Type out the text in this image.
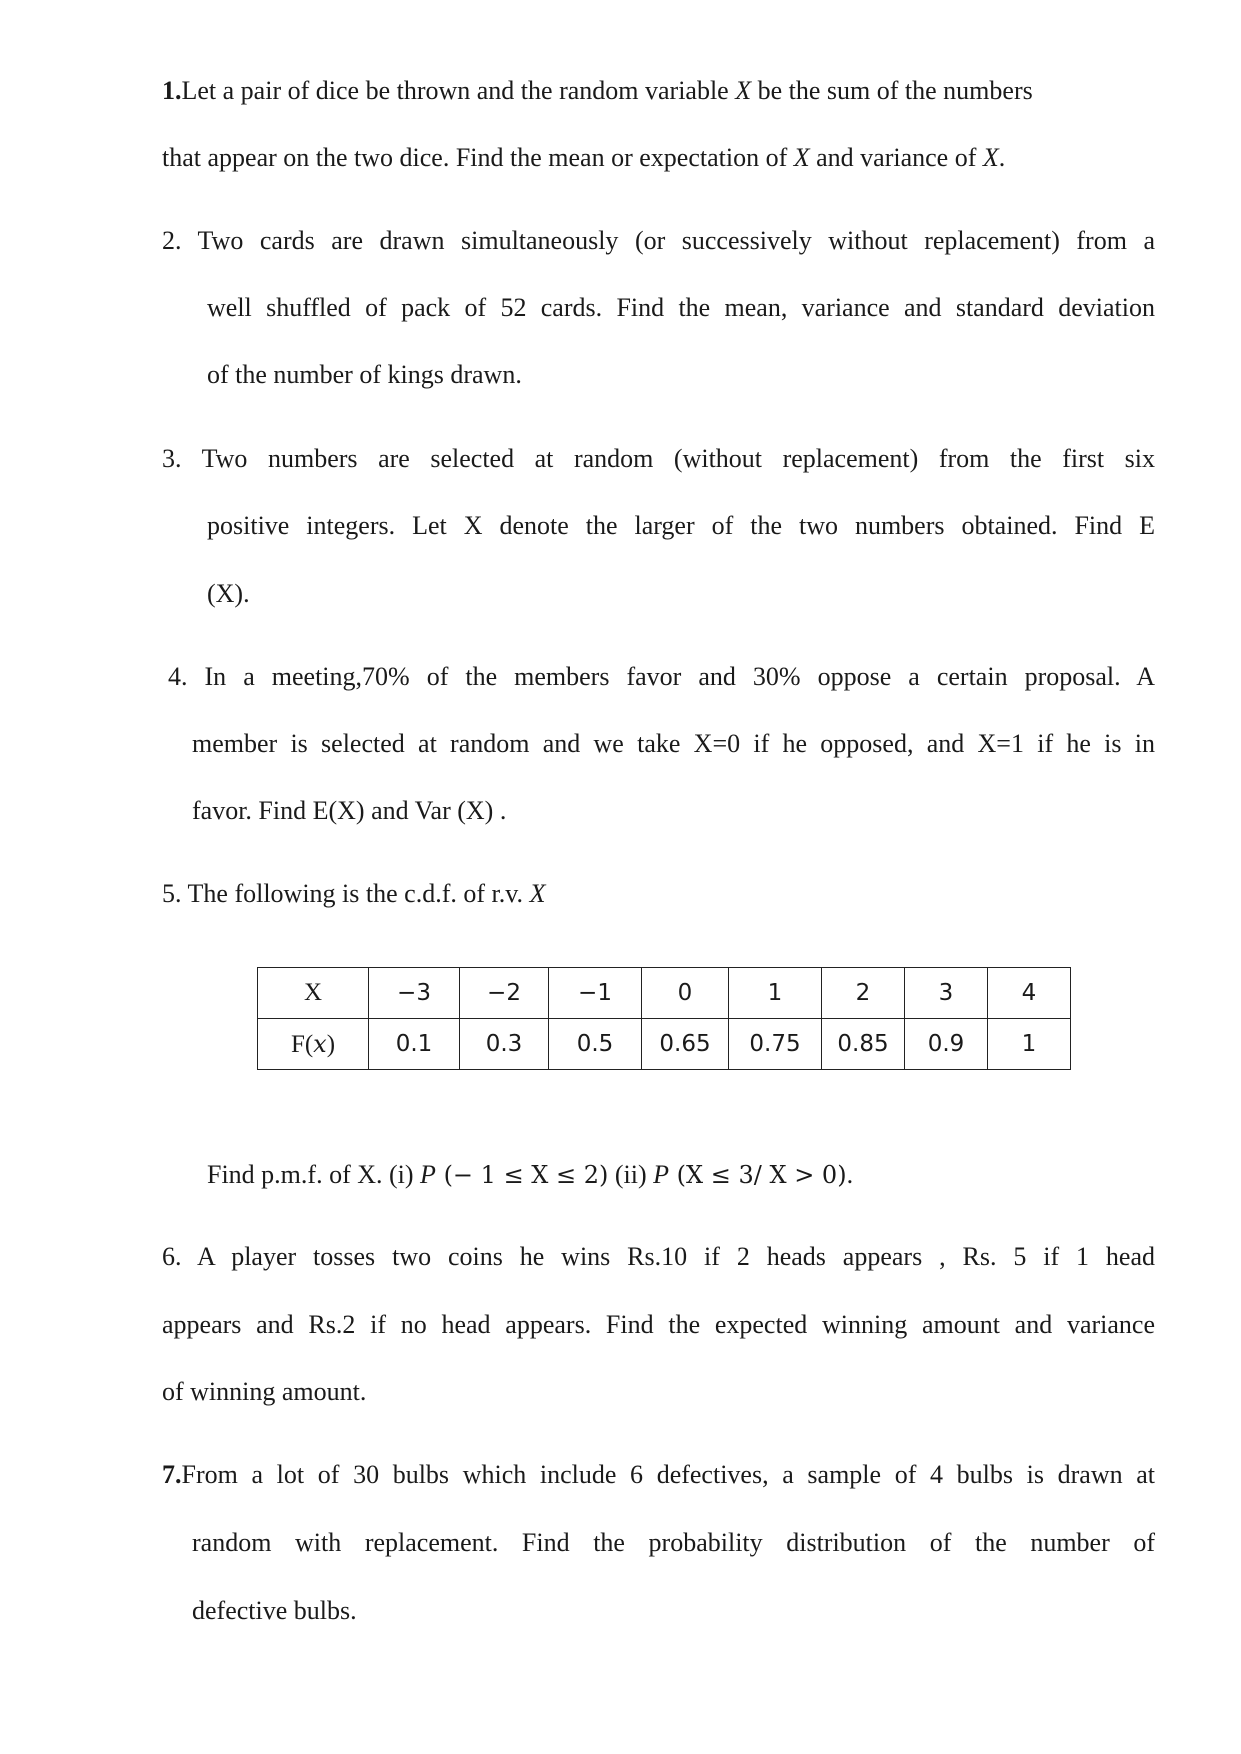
1.Let a pair of dice be thrown and the random variable X be the sum of the numbers
that appear on the two dice. Find the mean or expectation of X and variance of X.
2. Two cards are drawn simultaneously (or successively without replacement) from a
well shuffled of pack of 52 cards. Find the mean, variance and standard deviation
of the number of kings drawn.
3. Two numbers are selected at random (without replacement) from the first six
positive integers. Let X denote the larger of the two numbers obtained. Find E
(X).
4. In a meeting,70% of the members favor and 30% oppose a certain proposal. A
member is selected at random and we take X=0 if he opposed, and X=1 if he is in
favor. Find E(X) and Var (X) .
5. The following is the c.d.f. of r.v. X
X	−3	−2	−1	0	1	2	3	4
F(x)	0.1	0.3	0.5	0.65	0.75	0.85	0.9	1
Find p.m.f. of X. (i) P (− 1 ≤ X ≤ 2) (ii) P (X ≤ 3/ X > 0).
6. A player tosses two coins he wins Rs.10 if 2 heads appears , Rs. 5 if 1 head
appears and Rs.2 if no head appears. Find the expected winning amount and variance
of winning amount.
7.From a lot of 30 bulbs which include 6 defectives, a sample of 4 bulbs is drawn at
random with replacement. Find the probability distribution of the number of
defective bulbs.
